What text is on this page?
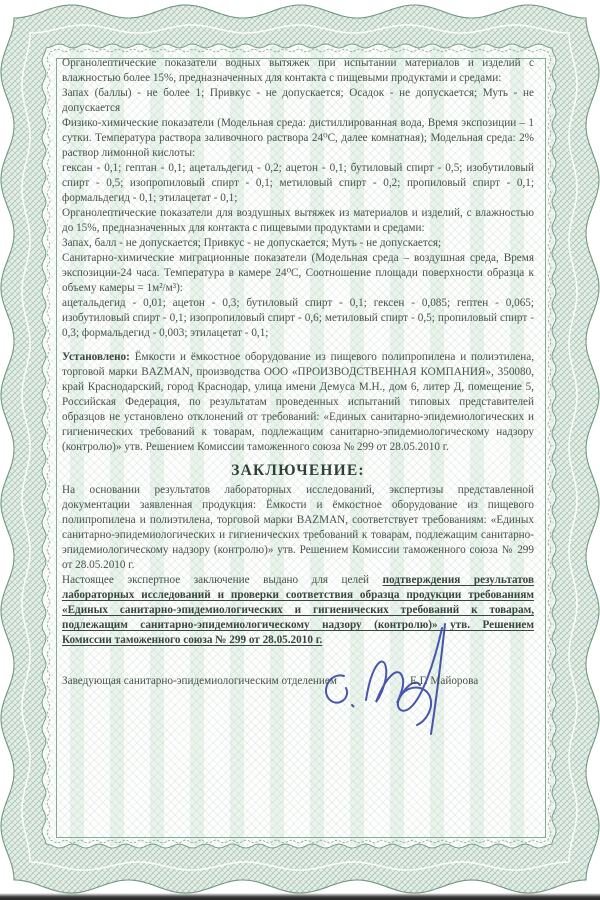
Органолептические показатели водных вытяжек при испытании материалов и изделий с влажностью более 15%, предназначенных для контакта с пищевыми продуктами и средами:

Запах (баллы) - не более 1; Привкус - не допускается; Осадок - не допускается; Муть - не допускается

Физико-химические показатели (Модельная среда: дистиллированная вода, Время экспозиции – 1 сутки. Температура раствора заливочного раствора 24⁰С, далее комнатная); Модельная среда: 2% раствор лимонной кислоты:

гексан - 0,1; гептан - 0,1; ацетальдегид - 0,2; ацетон - 0,1; бутиловый спирт - 0,5; изобутиловый спирт - 0,5; изопропиловый спирт - 0,1; метиловый спирт - 0,2; пропиловый спирт - 0,1; формальдегид - 0,1; этилацетат - 0,1;

Органолептические показатели для воздушных вытяжек из материалов и изделий, с влажностью до 15%, предназначенных для контакта с пищевыми продуктами и средами:

Запах, балл - не допускается; Привкус - не допускается; Муть - не допускается;

Санитарно-химические миграционные показатели (Модельная среда – воздушная среда, Время экспозиции-24 часа. Температура в камере 24⁰С, Соотношение площади поверхности образца к объему камеры = 1м²/м³):

ацетальдегид - 0,01; ацетон - 0,3; бутиловый спирт - 0,1; гексен - 0,085; гептен - 0,065; изобутиловый спирт - 0,1; изопропиловый спирт - 0,6; метиловый спирт - 0,5; пропиловый спирт - 0,3; формальдегид - 0,003; этилацетат - 0,1;

Установлено: Ёмкости и ёмкостное оборудование из пищевого полипропилена и полиэтилена, торговой марки BAZMAN, производства ООО «ПРОИЗВОДСТВЕННАЯ КОМПАНИЯ», 350080, край Краснодарский, город Краснодар, улица имени Демуса М.Н., дом 6, литер Д, помещение 5, Российская Федерация, по результатам проведенных испытаний типовых представителей образцов не установлено отклонений от требований: «Единых санитарно-эпидемиологических и гигиенических требований к товарам, подлежащим санитарно-эпидемиологическому надзору (контролю)» утв. Решением Комиссии таможенного союза № 299 от 28.05.2010 г.

ЗАКЛЮЧЕНИЕ:

На основании результатов лабораторных исследований, экспертизы представленной документации заявленная продукция: Ёмкости и ёмкостное оборудование из пищевого полипропилена и полиэтилена, торговой марки BAZMAN, соответствует требованиям: «Единых санитарно-эпидемиологических и гигиенических требований к товарам, подлежащим санитарно-эпидемиологическому надзору (контролю)» утв. Решением Комиссии таможенного союза № 299 от 28.05.2010 г.

Настоящее экспертное заключение выдано для целей подтверждения результатов лабораторных исследований и проверки соответствия образца продукции требованиям «Единых санитарно-эпидемиологических и гигиенических требований к товарам, подлежащим санитарно-эпидемиологическому надзору (контролю)» утв. Решением Комиссии таможенного союза № 299 от 28.05.2010 г.

Заведующая санитарно-эпидемиологическим отделением	Е.Г. Майорова
